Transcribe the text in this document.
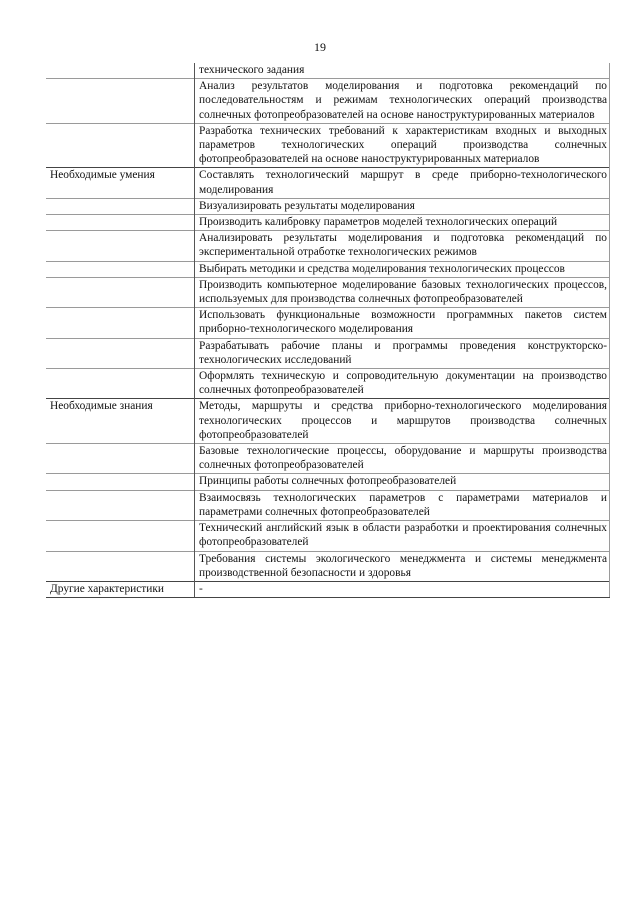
19
	технического задания
	Анализ результатов моделирования и подготовка рекомендаций по последовательностям и режимам технологических операций производства солнечных фотопреобразователей на основе наноструктурированных материалов
	Разработка технических требований к характеристикам входных и выходных параметров технологических операций производства солнечных фотопреобразователей на основе наноструктурированных материалов
Необходимые умения	Составлять технологический маршрут в среде приборно-технологического моделирования
	Визуализировать результаты моделирования
	Производить калибровку параметров моделей технологических операций
	Анализировать результаты моделирования и подготовка рекомендаций по экспериментальной отработке технологических режимов
	Выбирать методики и средства моделирования технологических процессов
	Производить компьютерное моделирование базовых технологических процессов, используемых для производства солнечных фотопреобразователей
	Использовать функциональные возможности программных пакетов систем приборно-технологического моделирования
	Разрабатывать рабочие планы и программы проведения конструкторско-технологических исследований
	Оформлять техническую и сопроводительную документации на производство солнечных фотопреобразователей
Необходимые знания	Методы, маршруты и средства приборно-технологического моделирования технологических процессов и маршрутов производства солнечных фотопреобразователей
	Базовые технологические процессы, оборудование и маршруты производства солнечных фотопреобразователей
	Принципы работы солнечных фотопреобразователей
	Взаимосвязь технологических параметров с параметрами материалов и параметрами солнечных фотопреобразователей
	Технический английский язык в области разработки и проектирования солнечных фотопреобразователей
	Требования системы экологического менеджмента и системы менеджмента производственной безопасности и здоровья
Другие характеристики	-
